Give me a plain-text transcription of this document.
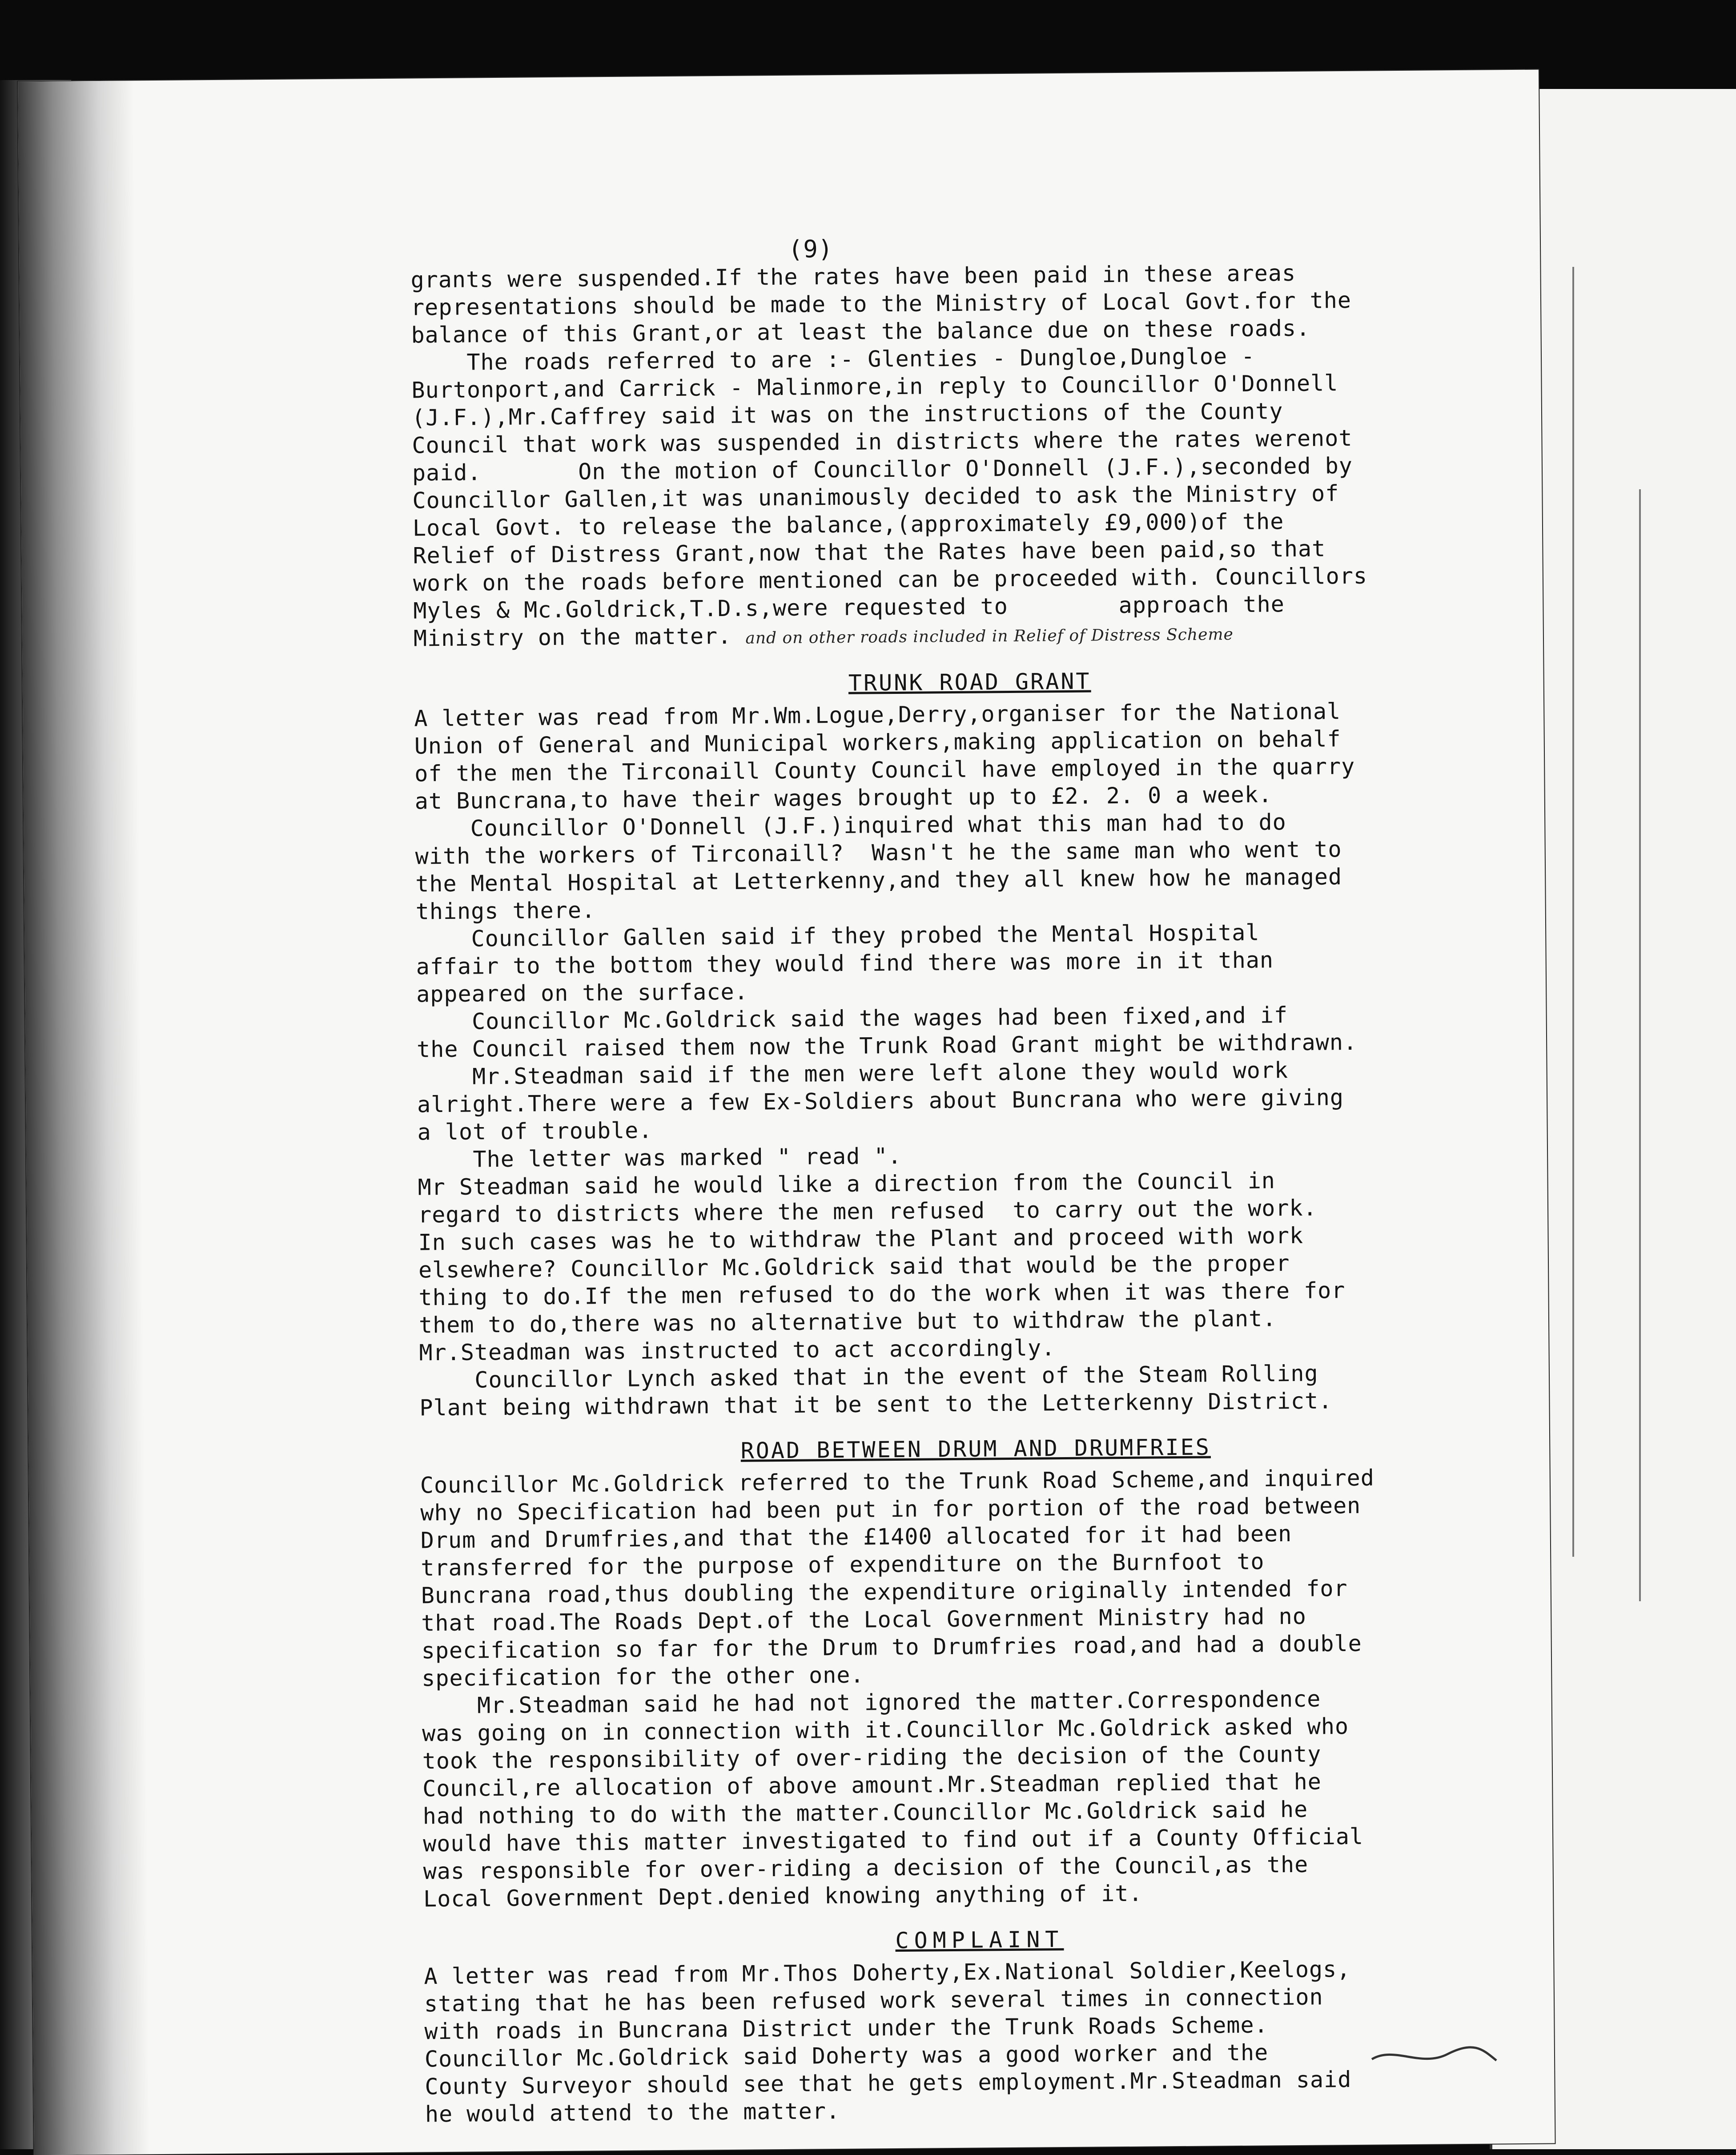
(9)
grants were suspended.If the rates have been paid in these areas
representations should be made to the Ministry of Local Govt.for the
balance of this Grant,or at least the balance due on these roads.
The roads referred to are :- Glenties - Dungloe,Dungloe -
Burtonport,and Carrick - Malinmore,in reply to Councillor O'Donnell
(J.F.),Mr.Caffrey said it was on the instructions of the County
Council that work was suspended in districts where the rates werenot
paid.       On the motion of Councillor O'Donnell (J.F.),seconded by
Councillor Gallen,it was unanimously decided to ask the Ministry of
Local Govt. to release the balance,(approximately £9,000)of the
Relief of Distress Grant,now that the Rates have been paid,so that
work on the roads before mentioned can be proceeded with. Councillors
Myles & Mc.Goldrick,T.D.s,were requested to        approach the
Ministry on the matter. and on other roads included in Relief of Distress Scheme
TRUNK ROAD GRANT
A letter was read from Mr.Wm.Logue,Derry,organiser for the National
Union of General and Municipal workers,making application on behalf
of the men the Tirconaill County Council have employed in the quarry
at Buncrana,to have their wages brought up to £2. 2. 0 a week.
Councillor O'Donnell (J.F.)inquired what this man had to do
with the workers of Tirconaill?  Wasn't he the same man who went to
the Mental Hospital at Letterkenny,and they all knew how he managed
things there.
Councillor Gallen said if they probed the Mental Hospital
affair to the bottom they would find there was more in it than
appeared on the surface.
Councillor Mc.Goldrick said the wages had been fixed,and if
the Council raised them now the Trunk Road Grant might be withdrawn.
Mr.Steadman said if the men were left alone they would work
alright.There were a few Ex-Soldiers about Buncrana who were giving
a lot of trouble.
The letter was marked " read ".
Mr Steadman said he would like a direction from the Council in
regard to districts where the men refused  to carry out the work.
In such cases was he to withdraw the Plant and proceed with work
elsewhere? Councillor Mc.Goldrick said that would be the proper
thing to do.If the men refused to do the work when it was there for
them to do,there was no alternative but to withdraw the plant.
Mr.Steadman was instructed to act accordingly.
Councillor Lynch asked that in the event of the Steam Rolling
Plant being withdrawn that it be sent to the Letterkenny District.
ROAD BETWEEN DRUM AND DRUMFRIES
Councillor Mc.Goldrick referred to the Trunk Road Scheme,and inquired
why no Specification had been put in for portion of the road between
Drum and Drumfries,and that the £1400 allocated for it had been
transferred for the purpose of expenditure on the Burnfoot to
Buncrana road,thus doubling the expenditure originally intended for
that road.The Roads Dept.of the Local Government Ministry had no
specification so far for the Drum to Drumfries road,and had a double
specification for the other one.
Mr.Steadman said he had not ignored the matter.Correspondence
was going on in connection with it.Councillor Mc.Goldrick asked who
took the responsibility of over-riding the decision of the County
Council,re allocation of above amount.Mr.Steadman replied that he
had nothing to do with the matter.Councillor Mc.Goldrick said he
would have this matter investigated to find out if a County Official
was responsible for over-riding a decision of the Council,as the
Local Government Dept.denied knowing anything of it.
COMPLAINT
A letter was read from Mr.Thos Doherty,Ex.National Soldier,Keelogs,
stating that he has been refused work several times in connection
with roads in Buncrana District under the Trunk Roads Scheme.
Councillor Mc.Goldrick said Doherty was a good worker and the
County Surveyor should see that he gets employment.Mr.Steadman said
he would attend to the matter.
